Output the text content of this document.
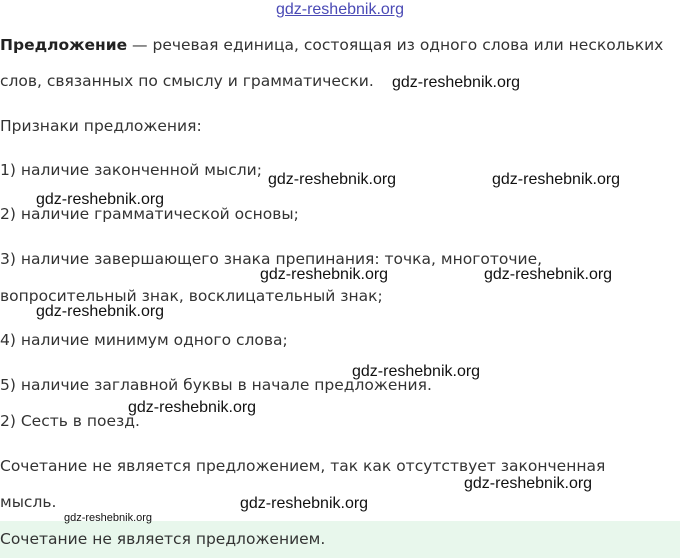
gdz-reshebnik.org
Предложение — речевая единица, состоящая из одного слова или нескольких
слов, связанных по смыслу и грамматически.
Признаки предложения:
1) наличие законченной мысли;
2) наличие грамматической основы;
3) наличие завершающего знака препинания: точка, многоточие,
вопросительный знак, восклицательный знак;
4) наличие минимум одного слова;
5) наличие заглавной буквы в начале предложения.
2) Сесть в поезд.
Сочетание не является предложением, так как отсутствует законченная
мысль.
Сочетание не является предложением.
gdz-reshebnik.org
gdz-reshebnik.org	gdz-reshebnik.org
gdz-reshebnik.org
gdz-reshebnik.org	gdz-reshebnik.org
gdz-reshebnik.org
gdz-reshebnik.org
gdz-reshebnik.org
gdz-reshebnik.org
gdz-reshebnik.org
gdz-reshebnik.org
